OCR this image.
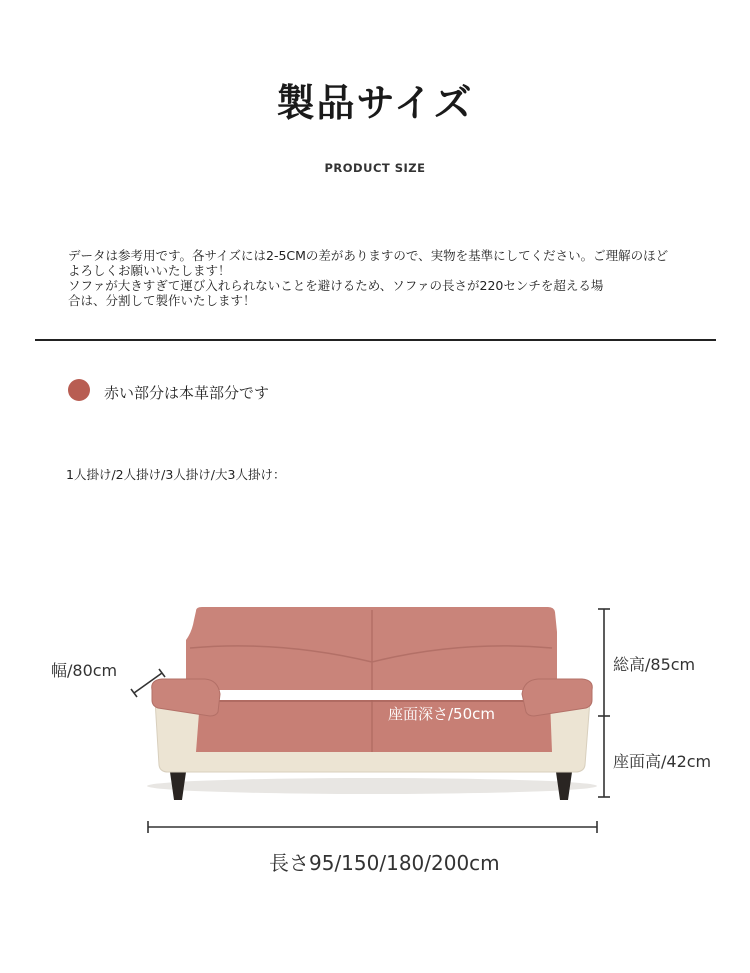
製品サイズ
PRODUCT SIZE
データは参考用です。各サイズには2-5CMの差がありますので、実物を基準にしてください。ご理解のほど
よろしくお願いいたします！
ソファが大きすぎて運び入れられないことを避けるため、ソファの長さが220センチを超える場
合は、分割して製作いたします！
赤い部分は本革部分です
1人掛け/2人掛け/3人掛け/大3人掛け：
幅/80cm	総高/85cm
座面深さ/50cm
座面高/42cm
長さ95/150/180/200cm
